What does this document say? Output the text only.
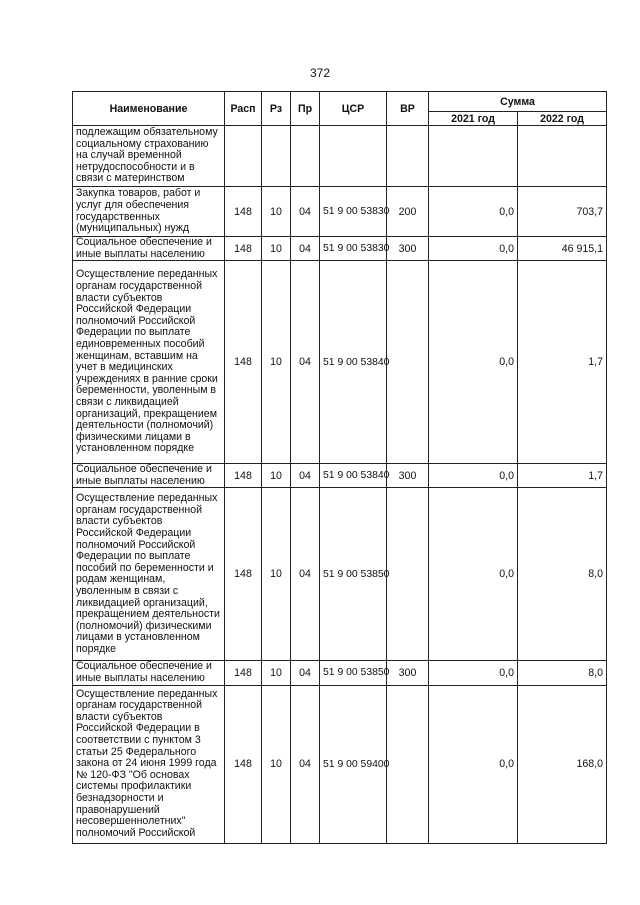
372
Наименование	Расп	Рз	Пр	ЦСР	ВР	Сумма	
						2021 год	2022 год
подлежащим обязательному социальному страхованию на случай временной нетрудоспособности и в связи с материнством							
Закупка товаров, работ и услуг для обеспечения государственных (муниципальных) нужд	148	10	04	51 9 00 53830	200	0,0	703,7
Социальное обеспечение и иные выплаты населению	148	10	04	51 9 00 53830	300	0,0	46 915,1
Осуществление переданных органам государственной власти субъектов Российской Федерации полномочий Российской Федерации по выплате единовременных пособий женщинам, вставшим на учет в медицинских учреждениях в ранние сроки беременности, уволенным в связи с ликвидацией организаций, прекращением деятельности (полномочий) физическими лицами в установленном порядке	148	10	04	51 9 00 53840		0,0	1,7
Социальное обеспечение и иные выплаты населению	148	10	04	51 9 00 53840	300	0,0	1,7
Осуществление переданных органам государственной власти субъектов Российской Федерации полномочий Российской Федерации по выплате пособий по беременности и родам женщинам, уволенным в связи с ликвидацией организаций, прекращением деятельности (полномочий) физическими лицами в установленном порядке	148	10	04	51 9 00 53850		0,0	8,0
Социальное обеспечение и иные выплаты населению	148	10	04	51 9 00 53850	300	0,0	8,0
Осуществление переданных органам государственной власти субъектов Российской Федерации в соответствии с пунктом 3 статьи 25 Федерального закона от 24 июня 1999 года № 120-ФЗ "Об основах системы профилактики безнадзорности и правонарушений несовершеннолетних" полномочий Российской	148	10	04	51 9 00 59400		0,0	168,0
